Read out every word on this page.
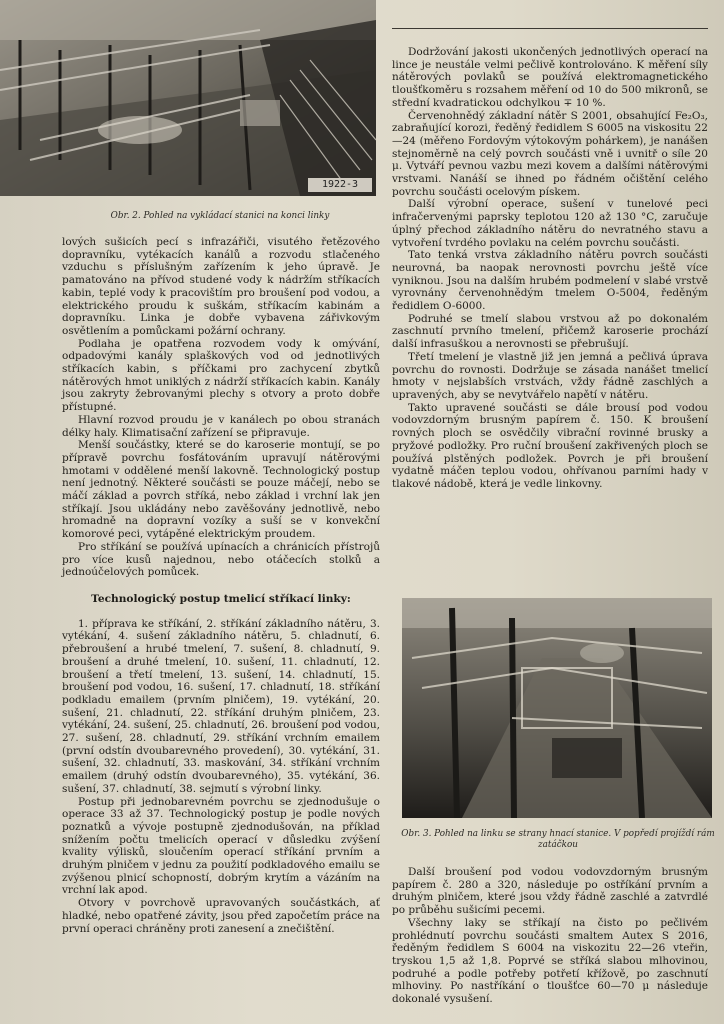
1922-3
Obr. 2. Pohled na vykládací stanici na konci linky

lových sušicích pecí s infrazářiči, visutého řetězového dopravníku, vytékacích kanálů a rozvodu stlačeného vzduchu s příslušným zařízením k jeho úpravě. Je pamatováno na přívod studené vody k nádržím stříkacích kabin, teplé vody k pracovištím pro broušení pod vodou, a elektrického proudu k suškám, stříkacím kabinám a dopravníku. Linka je dobře vybavena zářivkovým osvětlením a pomůckami požární ochrany.

Podlaha je opatřena rozvodem vody k omývání, odpadovými kanály splaškových vod od jednotlivých stříkacích kabin, s příčkami pro zachycení zbytků nátěrových hmot uniklých z nádrží stříkacích kabin. Kanály jsou zakryty žebrovanými plechy s otvory a proto dobře přístupné.

Hlavní rozvod proudu je v kanálech po obou stranách délky haly. Klimatisační zařízení se připravuje.

Menší součástky, které se do karoserie montují, se po přípravě povrchu fosfátováním upravují nátěrovými hmotami v oddělené menší lakovně. Technologický postup není jednotný. Některé součásti se pouze máčejí, nebo se máčí základ a povrch stříká, nebo základ i vrchní lak jen stříkají. Jsou ukládány nebo zavěšovány jednotlivě, nebo hromadně na dopravní vozíky a suší se v konvekční komorové peci, vytápěné elektrickým proudem.

Pro stříkání se používá upínacích a chránicích přístrojů pro více kusů najednou, nebo otáčecích stolků a jednoúčelových pomůcek.

Technologický postup tmelicí stříkací linky:

1. příprava ke stříkání, 2. stříkání základního nátěru, 3. vytékání, 4. sušení základního nátěru, 5. chladnutí, 6. přebroušení a hrubé tmelení, 7. sušení, 8. chladnutí, 9. broušení a druhé tmelení, 10. sušení, 11. chladnutí, 12. broušení a třetí tmelení, 13. sušení, 14. chladnutí, 15. broušení pod vodou, 16. sušení, 17. chladnutí, 18. stříkání podkladu emailem (prvním plničem), 19. vytékání, 20. sušení, 21. chladnutí, 22. stříkání druhým plničem, 23. vytékání, 24. sušení, 25. chladnutí, 26. broušení pod vodou, 27. sušení, 28. chladnutí, 29. stříkání vrchním emailem (první odstín dvoubarevného provedení), 30. vytékání, 31. sušení, 32. chladnutí, 33. maskování, 34. stříkání vrchním emailem (druhý odstín dvoubarevného), 35. vytékání, 36. sušení, 37. chladnutí, 38. sejmutí s výrobní linky.

Postup při jednobarevném povrchu se zjednodušuje o operace 33 až 37. Technologický postup je podle nových poznatků a vývoje postupně zjednodušován, na příklad snížením počtu tmelicích operací v důsledku zvýšení kvality výlisků, sloučením operací stříkání prvním a druhým plničem v jednu za použití podkladového emailu se zvýšenou plnicí schopností, dobrým krytím a vázáním na vrchní lak apod.

Otvory v povrchově upravovaných součástkách, ať hladké, nebo opatřené závity, jsou před započetím práce na první operaci chráněny proti zanesení a znečištění.

Dodržování jakosti ukončených jednotlivých operací na lince je neustále velmi pečlivě kontrolováno. K měření síly nátěrových povlaků se používá elektromagnetického tloušťkoměru s rozsahem měření od 10 do 500 mikronů, se střední kvadratickou odchylkou ∓ 10 %.

Červenohnědý základní nátěr S 2001, obsahující Fe₂O₃, zabraňující korozi, ředěný ředidlem S 6005 na viskositu 22—24 (měřeno Fordovým výtokovým pohárkem), je nanášen stejnoměrně na celý povrch součásti vně i uvnitř o síle 20 μ. Vytváří pevnou vazbu mezi kovem a dalšími nátěrovými vrstvami. Nanáší se ihned po řádném očištění celého povrchu součásti ocelovým pískem.

Další výrobní operace, sušení v tunelové peci infračervenými paprsky teplotou 120 až 130 °C, zaručuje úplný přechod základního nátěru do nevratného stavu a vytvoření tvrdého povlaku na celém povrchu součásti.

Tato tenká vrstva základního nátěru povrch součásti neurovná, ba naopak nerovnosti povrchu ještě více vyniknou. Jsou na dalším hrubém podmelení v slabé vrstvě vyrovnány červenohnědým tmelem O-5004, ředěným ředidlem O-6000.

Podruhé se tmelí slabou vrstvou až po dokonalém zaschnutí prvního tmelení, přičemž karoserie prochází další infrasuškou a nerovnosti se přebrušují.

Třetí tmelení je vlastně již jen jemná a pečlivá úprava povrchu do rovnosti. Dodržuje se zásada nanášet tmelicí hmoty v nejslabších vrstvách, vždy řádně zaschlých a upravených, aby se nevytvářelo napětí v nátěru.

Takto upravené součásti se dále brousí pod vodou vodovzdorným brusným papírem č. 150. K broušení rovných ploch se osvědčily vibrační rovinné brusky a pryžové podložky. Pro ruční broušení zakřivených ploch se používá plstěných podložek. Povrch je při broušení vydatně máčen teplou vodou, ohřívanou parními hady v tlakové nádobě, která je vedle linkovny.

Obr. 3. Pohled na linku se strany hnací stanice. V popředí projíždí rám zatáčkou

Další broušení pod vodou vodovzdorným brusným papírem č. 280 a 320, následuje po ostříkání prvním a druhým plničem, které jsou vždy řádně zaschlé a zatvrdlé po průběhu sušicími pecemi.

Všechny laky se stříkají na čisto po pečlivém prohlédnutí povrchu součásti smaltem Autex S 2016, ředěným ředidlem S 6004 na viskozitu 22—26 vteřin, tryskou 1,5 až 1,8. Poprvé se stříká slabou mlhovinou, podruhé a podle potřeby potřetí křížově, po zaschnutí mlhoviny. Po nastříkání o tloušťce 60—70 μ následuje dokonalé vysušení.
